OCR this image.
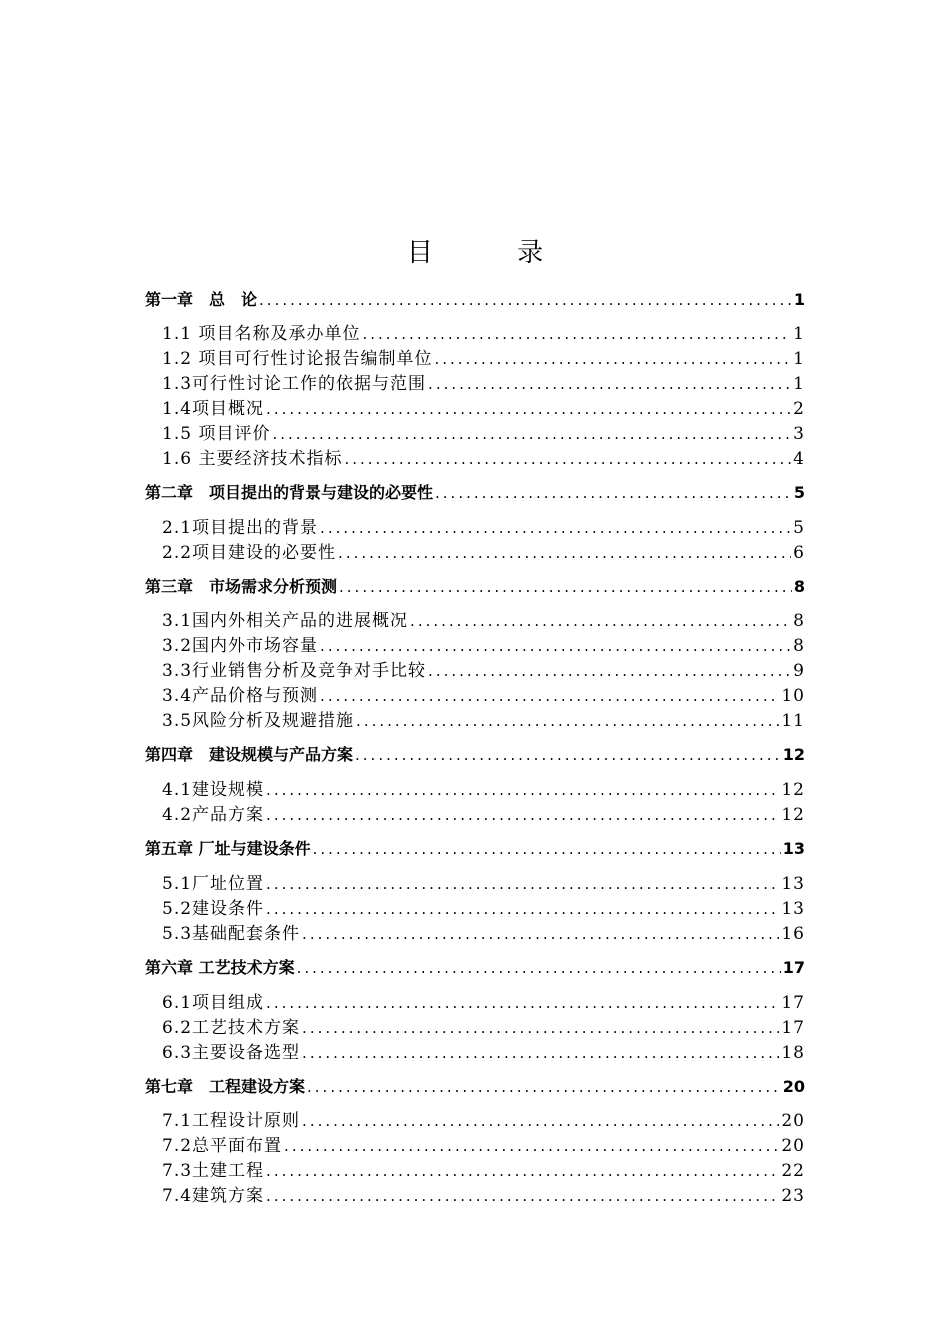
目 录
第一章　总　论 .....	1
1.1 项目名称及承办单位 .....	1
1.2 项目可行性讨论报告编制单位 .....	1
1.3可行性讨论工作的依据与范围 .....	1
1.4项目概况 .....	2
1.5 项目评价 .....	3
1.6 主要经济技术指标 .....	4
第二章　项目提出的背景与建设的必要性 .....	5
2.1项目提出的背景 .....	5
2.2项目建设的必要性 .....	6
第三章　市场需求分析预测 .....	8
3.1国内外相关产品的进展概况 .....	8
3.2国内外市场容量 .....	8
3.3行业销售分析及竞争对手比较 .....	9
3.4产品价格与预测 .....	10
3.5风险分析及规避措施 .....	11
第四章　建设规模与产品方案 .....	12
4.1建设规模 .....	12
4.2产品方案 .....	12
第五章 厂址与建设条件 .....	13
5.1厂址位置 .....	13
5.2建设条件 .....	13
5.3基础配套条件 .....	16
第六章 工艺技术方案 .....	17
6.1项目组成 .....	17
6.2工艺技术方案 .....	17
6.3主要设备选型 .....	18
第七章　工程建设方案 .....	20
7.1工程设计原则 .....	20
7.2总平面布置 .....	20
7.3土建工程 .....	22
7.4建筑方案 .....	23
